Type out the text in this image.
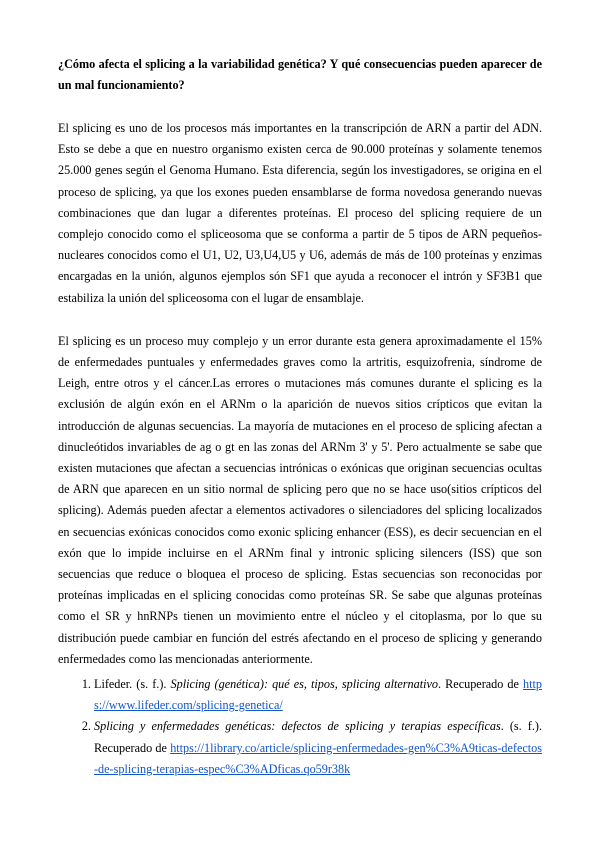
¿Cómo afecta el splicing a la variabilidad genética? Y qué consecuencias pueden aparecer de un mal funcionamiento?

El splicing es uno de los procesos más importantes en la transcripción de ARN a partir del ADN. Esto se debe a que en nuestro organismo existen cerca de 90.000 proteínas y solamente tenemos 25.000 genes según el Genoma Humano. Esta diferencia, según los investigadores, se origina en el proceso de splicing, ya que los exones pueden ensamblarse de forma novedosa generando nuevas combinaciones que dan lugar a diferentes proteínas. El proceso del splicing requiere de un complejo conocido como el spliceosoma que se conforma a partir de 5 tipos de ARN pequeños-nucleares conocidos como el U1, U2, U3,U4,U5 y U6, además de más de 100 proteínas y enzimas encargadas en la unión, algunos ejemplos són SF1 que ayuda a reconocer el intrón y SF3B1 que estabiliza la unión del spliceosoma con el lugar de ensamblaje.

El splicing es un proceso muy complejo y un error durante esta genera aproximadamente el 15% de enfermedades puntuales y enfermedades graves como la artritis, esquizofrenia, síndrome de Leigh, entre otros y el cáncer.Las errores o mutaciones más comunes durante el splicing es la exclusión de algún exón en el ARNm o la aparición de nuevos sitios crípticos que evitan la introducción de algunas secuencias. La mayoría de mutaciones en el proceso de splicing afectan a dinucleótidos invariables de ag o gt en las zonas del ARNm 3' y 5'. Pero actualmente se sabe que existen mutaciones que afectan a secuencias intrónicas o exónicas que originan secuencias ocultas de ARN que aparecen en un sitio normal de splicing pero que no se hace uso(sitios crípticos del splicing). Además pueden afectar a elementos activadores o silenciadores del splicing localizados en secuencias exónicas conocidos como exonic splicing enhancer (ESS), es decir secuencian en el exón que lo impide incluirse en el ARNm final y intronic splicing silencers (ISS) que son secuencias que reduce o bloquea el proceso de splicing. Estas secuencias son reconocidas por proteínas implicadas en el splicing conocidas como proteínas SR. Se sabe que algunas proteínas como el SR y hnRNPs tienen un movimiento entre el núcleo y el citoplasma, por lo que su distribución puede cambiar en función del estrés afectando en el proceso de splicing y generando enfermedades como las mencionadas anteriormente.

1. Lifeder. (s. f.). Splicing (genética): qué es, tipos, splicing alternativo. Recuperado de https://www.lifeder.com/splicing-genetica/
2. Splicing y enfermedades genéticas: defectos de splicing y terapias específicas. (s. f.). Recuperado de https://1library.co/article/splicing-enfermedades-gen%C3%A9ticas-defectos-de-splicing-terapias-espec%C3%ADficas.qo59r38k
